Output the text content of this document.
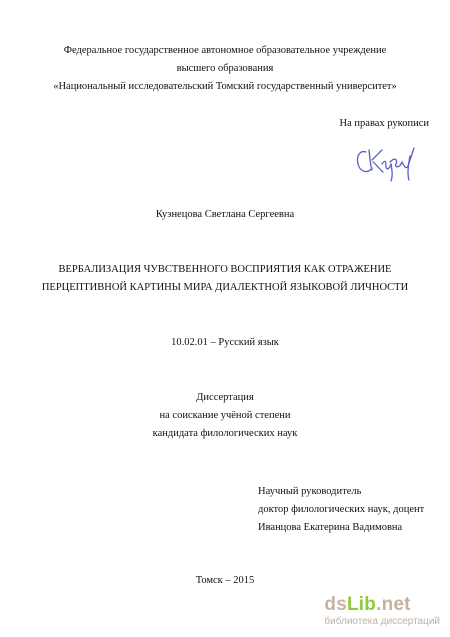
Федеральное государственное автономное образовательное учреждение
высшего образования
«Национальный исследовательский Томский государственный университет»
На правах рукописи
Кузнецова Светлана Сергеевна
ВЕРБАЛИЗАЦИЯ ЧУВСТВЕННОГО ВОСПРИЯТИЯ КАК ОТРАЖЕНИЕ
ПЕРЦЕПТИВНОЙ КАРТИНЫ МИРА ДИАЛЕКТНОЙ ЯЗЫКОВОЙ ЛИЧНОСТИ
10.02.01 – Русский язык
Диссертация
на соискание учёной степени
кандидата филологических наук
Научный руководитель
доктор филологических наук, доцент
Иванцова Екатерина Вадимовна
Томск – 2015
dsLib.net
библиотека диссертаций
